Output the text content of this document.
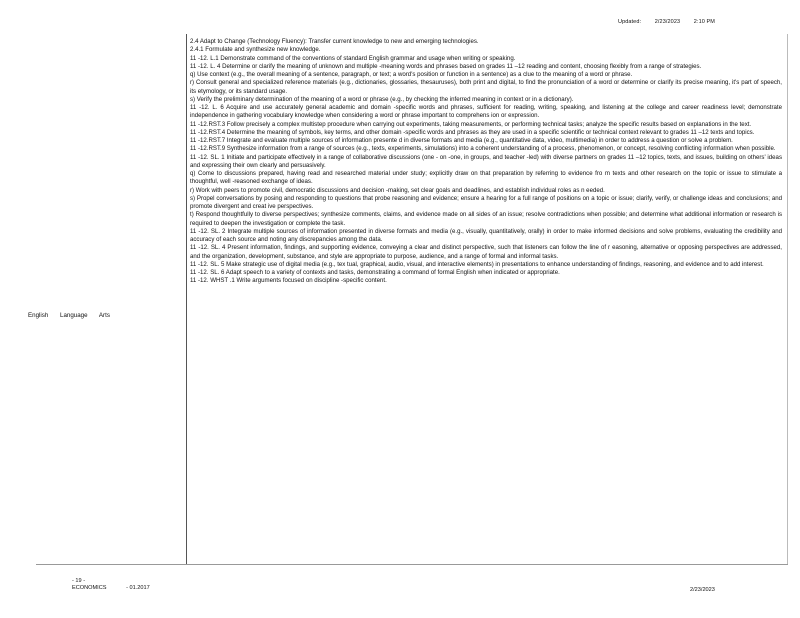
Updated: 2/23/2023 2:10 PM
English Language Arts

2.4 Adapt to Change (Technology Fluency): Transfer current knowledge to new and emerging technologies.

2.4.1 Formulate and synthesize new knowledge.

11 -12. L.1 Demonstrate command of the conventions of standard English grammar and usage when writing or speaking.

11 -12. L. 4 Determine or clarify the meaning of unknown and multiple -meaning words and phrases based on grades 11 –12 reading and content, choosing flexibly from a range of strategies.

q) Use context (e.g., the overall meaning of a sentence, paragraph, or text; a word's position or function in a sentence) as a clue to the meaning of a word or phrase.

r) Consult general and specialized reference materials (e.g., dictionaries, glossaries, thesauruses), both print and digital, to find the pronunciation of a word or determine or clarify its precise meaning, it's part of speech, its etymology, or its standard usage.

s) Verify the preliminary determination of the meaning of a word or phrase (e.g., by checking the inferred meaning in context or in a dictionary).

11 -12. L. 6 Acquire and use accurately general academic and domain -specific words and phrases, sufficient for reading, writing, speaking, and listening at the college and career readiness level; demonstrate independence in gathering vocabulary knowledge when considering a word or phrase important to comprehens ion or expression.

11 -12.RST.3 Follow precisely a complex multistep procedure when carrying out experiments, taking measurements, or performing technical tasks; analyze the specific results based on explanations in the text.

11 -12.RST.4 Determine the meaning of symbols, key terms, and other domain -specific words and phrases as they are used in a specific scientific or technical context relevant to grades 11 –12 texts and topics.

11 -12.RST.7 Integrate and evaluate multiple sources of information presente d in diverse formats and media (e.g., quantitative data, video, multimedia) in order to address a question or solve a problem.

11 -12.RST.9 Synthesize information from a range of sources (e.g., texts, experiments, simulations) into a coherent understanding of a process, phenomenon, or concept, resolving conflicting information when possible.

11 -12. SL. 1 Initiate and participate effectively in a range of collaborative discussions (one - on -one, in groups, and teacher -led) with diverse partners on grades 11 –12 topics, texts, and issues, building on others' ideas and expressing their own clearly and persuasively.

q) Come to discussions prepared, having read and researched material under study; explicitly draw on that preparation by referring to evidence fro m texts and other research on the topic or issue to stimulate a thoughtful, well -reasoned exchange of ideas.

r) Work with peers to promote civil, democratic discussions and decision -making, set clear goals and deadlines, and establish individual roles as n eeded.

s) Propel conversations by posing and responding to questions that probe reasoning and evidence; ensure a hearing for a full range of positions on a topic or issue; clarify, verify, or challenge ideas and conclusions; and promote divergent and creat ive perspectives.

t) Respond thoughtfully to diverse perspectives; synthesize comments, claims, and evidence made on all sides of an issue; resolve contradictions when possible; and determine what additional information or research is required to deepen the investigation or complete the task.

11 -12. SL. 2 Integrate multiple sources of information presented in diverse formats and media (e.g., visually, quantitatively, orally) in order to make informed decisions and solve problems, evaluating the credibility and accuracy of each source and noting any discrepancies among the data.

11 -12. SL. 4 Present information, findings, and supporting evidence, conveying a clear and distinct perspective, such that listeners can follow the line of r easoning, alternative or opposing perspectives are addressed, and the organization, development, substance, and style are appropriate to purpose, audience, and a range of formal and informal tasks.

11 -12. SL. 5 Make strategic use of digital media (e.g., tex tual, graphical, audio, visual, and interactive elements) in presentations to enhance understanding of findings, reasoning, and evidence and to add interest.

11 -12. SL. 6 Adapt speech to a variety of contexts and tasks, demonstrating a command of formal English when indicated or appropriate.

11 -12. WHST .1 Write arguments focused on discipline -specific content.

- 19 -
ECONOMICS	- 01.2017	2/23/2023
